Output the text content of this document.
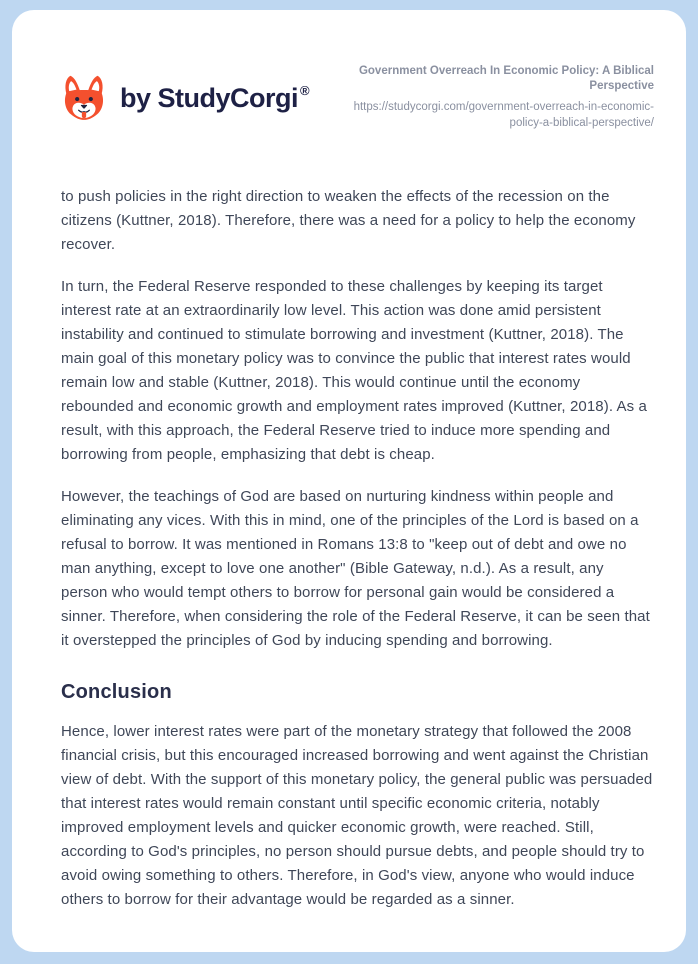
by StudyCorgi ®
Government Overreach In Economic Policy: A Biblical Perspective
https://studycorgi.com/government-overreach-in-economic-policy-a-biblical-perspective/

to push policies in the right direction to weaken the effects of the recession on the citizens (Kuttner, 2018). Therefore, there was a need for a policy to help the economy recover.

In turn, the Federal Reserve responded to these challenges by keeping its target interest rate at an extraordinarily low level. This action was done amid persistent instability and continued to stimulate borrowing and investment (Kuttner, 2018). The main goal of this monetary policy was to convince the public that interest rates would remain low and stable (Kuttner, 2018). This would continue until the economy rebounded and economic growth and employment rates improved (Kuttner, 2018). As a result, with this approach, the Federal Reserve tried to induce more spending and borrowing from people, emphasizing that debt is cheap.

However, the teachings of God are based on nurturing kindness within people and eliminating any vices. With this in mind, one of the principles of the Lord is based on a refusal to borrow. It was mentioned in Romans 13:8 to "keep out of debt and owe no man anything, except to love one another" (Bible Gateway, n.d.). As a result, any person who would tempt others to borrow for personal gain would be considered a sinner. Therefore, when considering the role of the Federal Reserve, it can be seen that it overstepped the principles of God by inducing spending and borrowing.

Conclusion

Hence, lower interest rates were part of the monetary strategy that followed the 2008 financial crisis, but this encouraged increased borrowing and went against the Christian view of debt. With the support of this monetary policy, the general public was persuaded that interest rates would remain constant until specific economic criteria, notably improved employment levels and quicker economic growth, were reached. Still, according to God's principles, no person should pursue debts, and people should try to avoid owing something to others. Therefore, in God's view, anyone who would induce others to borrow for their advantage would be regarded as a sinner.
